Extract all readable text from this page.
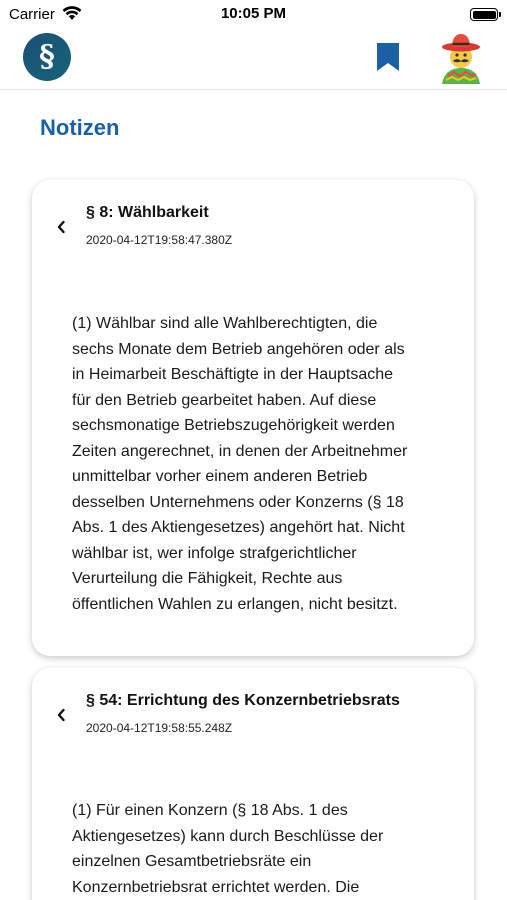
Carrier	10:05 PM
§
Notizen
§ 8: Wählbarkeit
2020-04-12T19:58:47.380Z
(1) Wählbar sind alle Wahlberechtigten, die
sechs Monate dem Betrieb angehören oder als
in Heimarbeit Beschäftigte in der Hauptsache
für den Betrieb gearbeitet haben. Auf diese
sechsmonatige Betriebszugehörigkeit werden
Zeiten angerechnet, in denen der Arbeitnehmer
unmittelbar vorher einem anderen Betrieb
desselben Unternehmens oder Konzerns (§ 18
Abs. 1 des Aktiengesetzes) angehört hat. Nicht
wählbar ist, wer infolge strafgerichtlicher
Verurteilung die Fähigkeit, Rechte aus
öffentlichen Wahlen zu erlangen, nicht besitzt.
§ 54: Errichtung des Konzernbetriebsrats
2020-04-12T19:58:55.248Z
(1) Für einen Konzern (§ 18 Abs. 1 des
Aktiengesetzes) kann durch Beschlüsse der
einzelnen Gesamtbetriebsräte ein
Konzernbetriebsrat errichtet werden. Die
